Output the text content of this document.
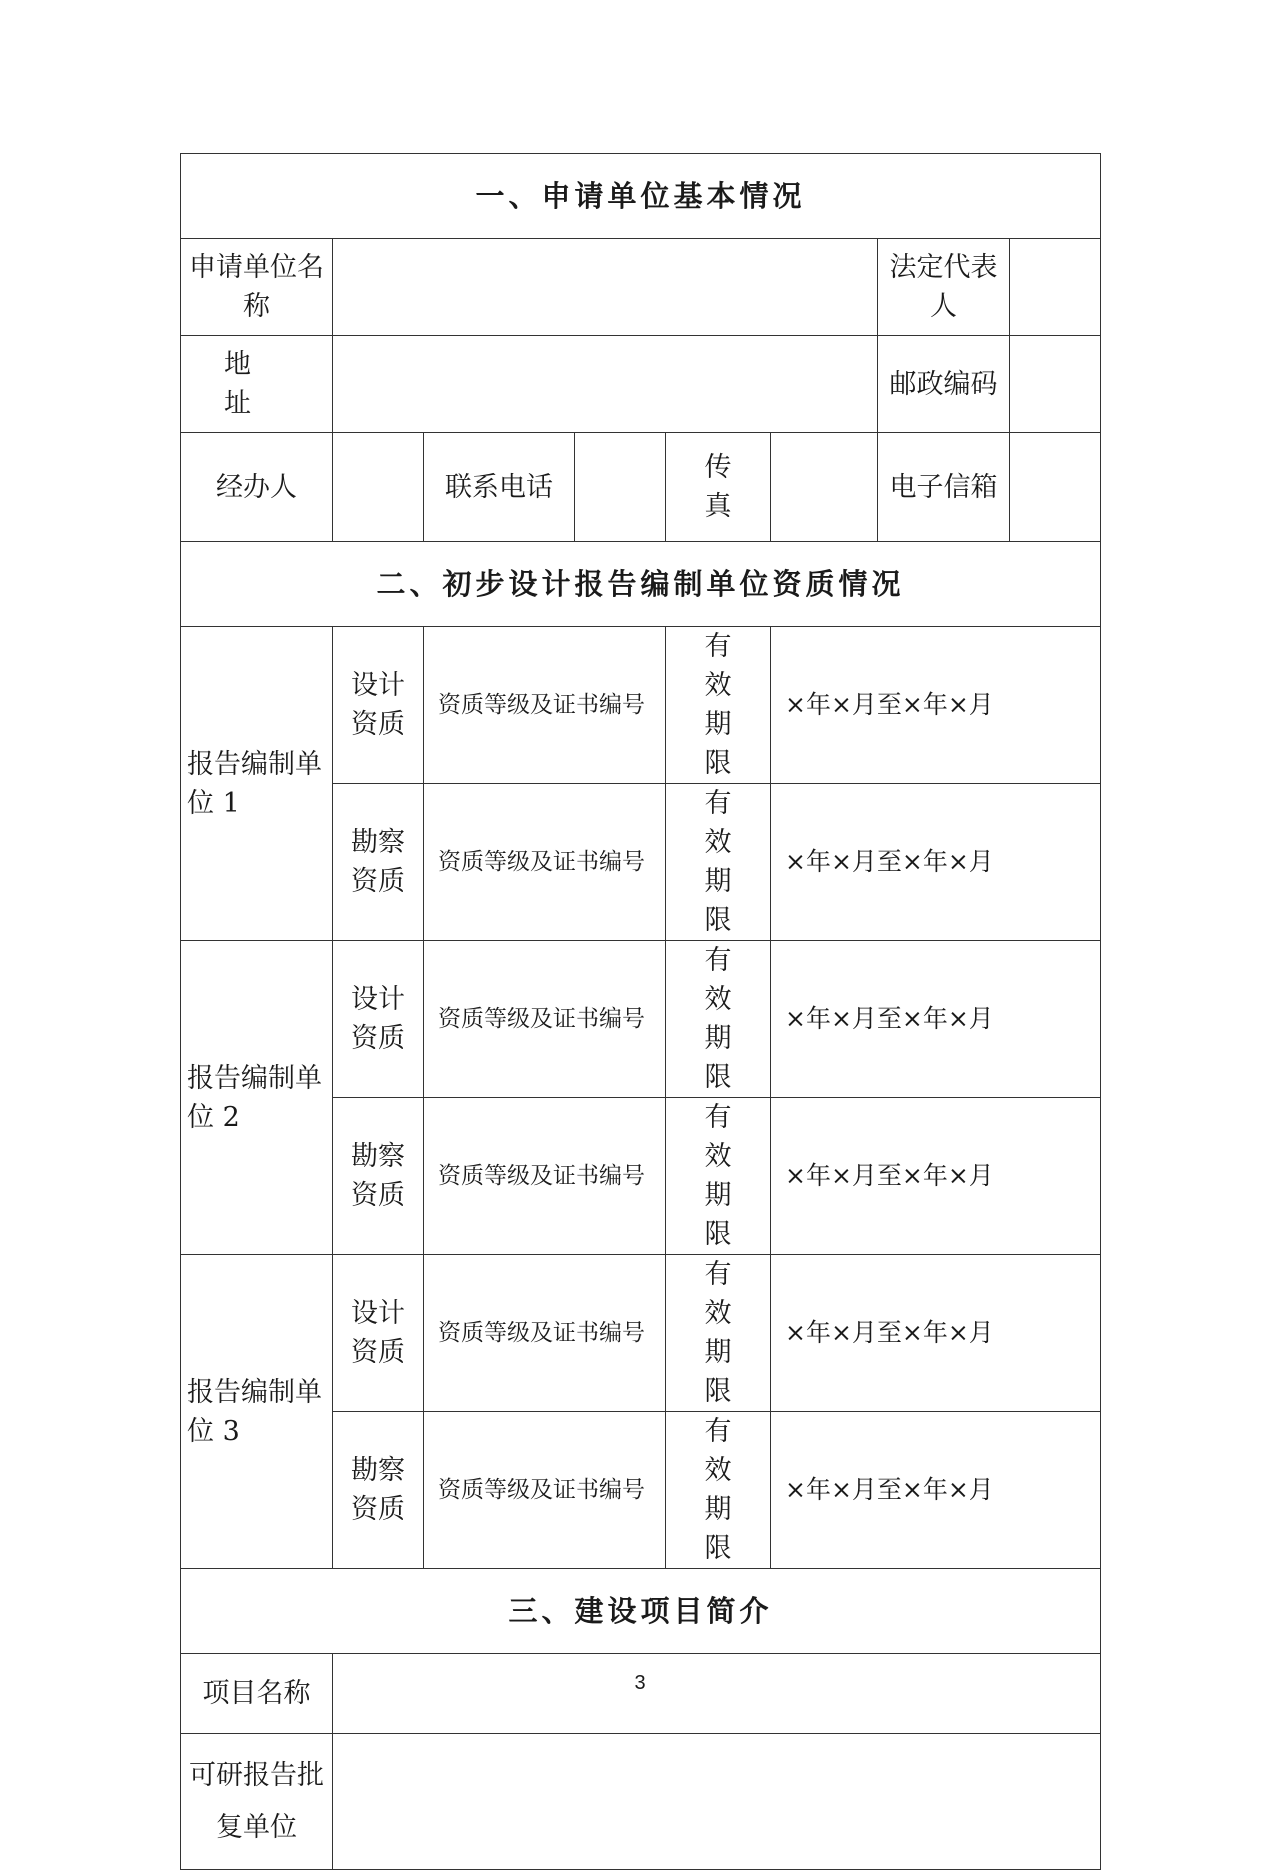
一、申请单位基本情况							
申请单位名称						法定代表人	
地 址						邮政编码	
经办人		联系电话		传真		电子信箱	
二、初步设计报告编制单位资质情况							
报告编制单位 1	设计资质	资质等级及证书编号		有效期限	×年×月至×年×月		
	勘察资质	资质等级及证书编号		有效期限	×年×月至×年×月		
报告编制单位 2	设计资质	资质等级及证书编号		有效期限	×年×月至×年×月		
	勘察资质	资质等级及证书编号		有效期限	×年×月至×年×月		
报告编制单位 3	设计资质	资质等级及证书编号		有效期限	×年×月至×年×月		
	勘察资质	资质等级及证书编号		有效期限	×年×月至×年×月		
三、建设项目简介							
项目名称							
可研报告批复单位							
3
